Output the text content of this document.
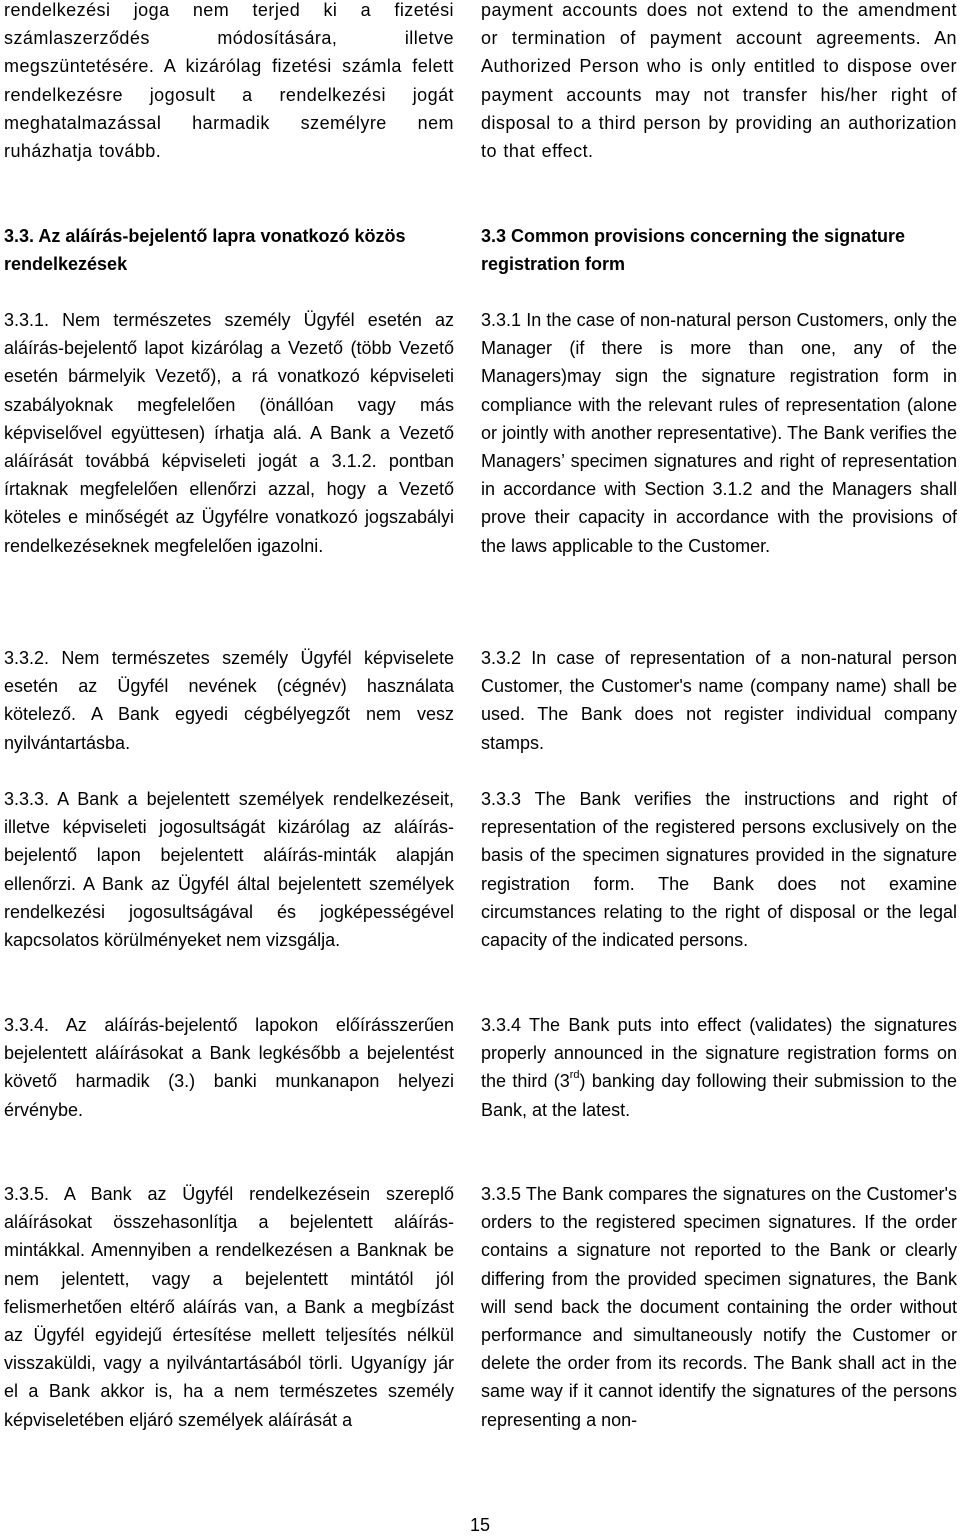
rendelkezési joga nem terjed ki a fizetési számlaszerződés módosítására, illetve megszüntetésére. A kizárólag fizetési számla felett rendelkezésre jogosult a rendelkezési jogát meghatalmazással harmadik személyre nem ruházhatja tovább.

3.3. Az aláírás-bejelentő lapra vonatkozó közös rendelkezések

3.3.1. Nem természetes személy Ügyfél esetén az aláírás-bejelentő lapot kizárólag a Vezető (több Vezető esetén bármelyik Vezető), a rá vonatkozó képviseleti szabályoknak megfelelően (önállóan vagy más képviselővel együttesen) írhatja alá. A Bank a Vezető aláírását továbbá képviseleti jogát a 3.1.2. pontban írtaknak megfelelően ellenőrzi azzal, hogy a Vezető köteles e minőségét az Ügyfélre vonatkozó jogszabályi rendelkezéseknek megfelelően igazolni.

3.3.2. Nem természetes személy Ügyfél képviselete esetén az Ügyfél nevének (cégnév) használata kötelező. A Bank egyedi cégbélyegzőt nem vesz nyilvántartásba.

3.3.3. A Bank a bejelentett személyek rendelkezéseit, illetve képviseleti jogosultságát kizárólag az aláírás-bejelentő lapon bejelentett aláírás-minták alapján ellenőrzi. A Bank az Ügyfél által bejelentett személyek rendelkezési jogosultságával és jogképességével kapcsolatos körülményeket nem vizsgálja.

3.3.4. Az aláírás-bejelentő lapokon előírásszerűen bejelentett aláírásokat a Bank legkésőbb a bejelentést követő harmadik (3.) banki munkanapon helyezi érvénybe.

3.3.5. A Bank az Ügyfél rendelkezésein szereplő aláírásokat összehasonlítja a bejelentett aláírás-mintákkal. Amennyiben a rendelkezésen a Banknak be nem jelentett, vagy a bejelentett mintától jól felismerhetően eltérő aláírás van, a Bank a megbízást az Ügyfél egyidejű értesítése mellett teljesítés nélkül visszaküldi, vagy a nyilvántartásából törli. Ugyanígy jár el a Bank akkor is, ha a nem természetes személy képviseletében eljáró személyek aláírását a

payment accounts does not extend to the amendment or termination of payment account agreements. An Authorized Person who is only entitled to dispose over payment accounts may not transfer his/her right of disposal to a third person by providing an authorization to that effect.

3.3 Common provisions concerning the signature registration form

3.3.1 In the case of non-natural person Customers, only the Manager (if there is more than one, any of the Managers)may sign the signature registration form in compliance with the relevant rules of representation (alone or jointly with another representative). The Bank verifies the Managers’ specimen signatures and right of representation in accordance with Section 3.1.2 and the Managers shall prove their capacity in accordance with the provisions of the laws applicable to the Customer.

3.3.2 In case of representation of a non-natural person Customer, the Customer's name (company name) shall be used. The Bank does not register individual company stamps.

3.3.3 The Bank verifies the instructions and right of representation of the registered persons exclusively on the basis of the specimen signatures provided in the signature registration form. The Bank does not examine circumstances relating to the right of disposal or the legal capacity of the indicated persons.

3.3.4 The Bank puts into effect (validates) the signatures properly announced in the signature registration forms on the third (3rd) banking day following their submission to the Bank, at the latest.

3.3.5 The Bank compares the signatures on the Customer's orders to the registered specimen signatures. If the order contains a signature not reported to the Bank or clearly differing from the provided specimen signatures, the Bank will send back the document containing the order without performance and simultaneously notify the Customer or delete the order from its records. The Bank shall act in the same way if it cannot identify the signatures of the persons representing a non-

15
